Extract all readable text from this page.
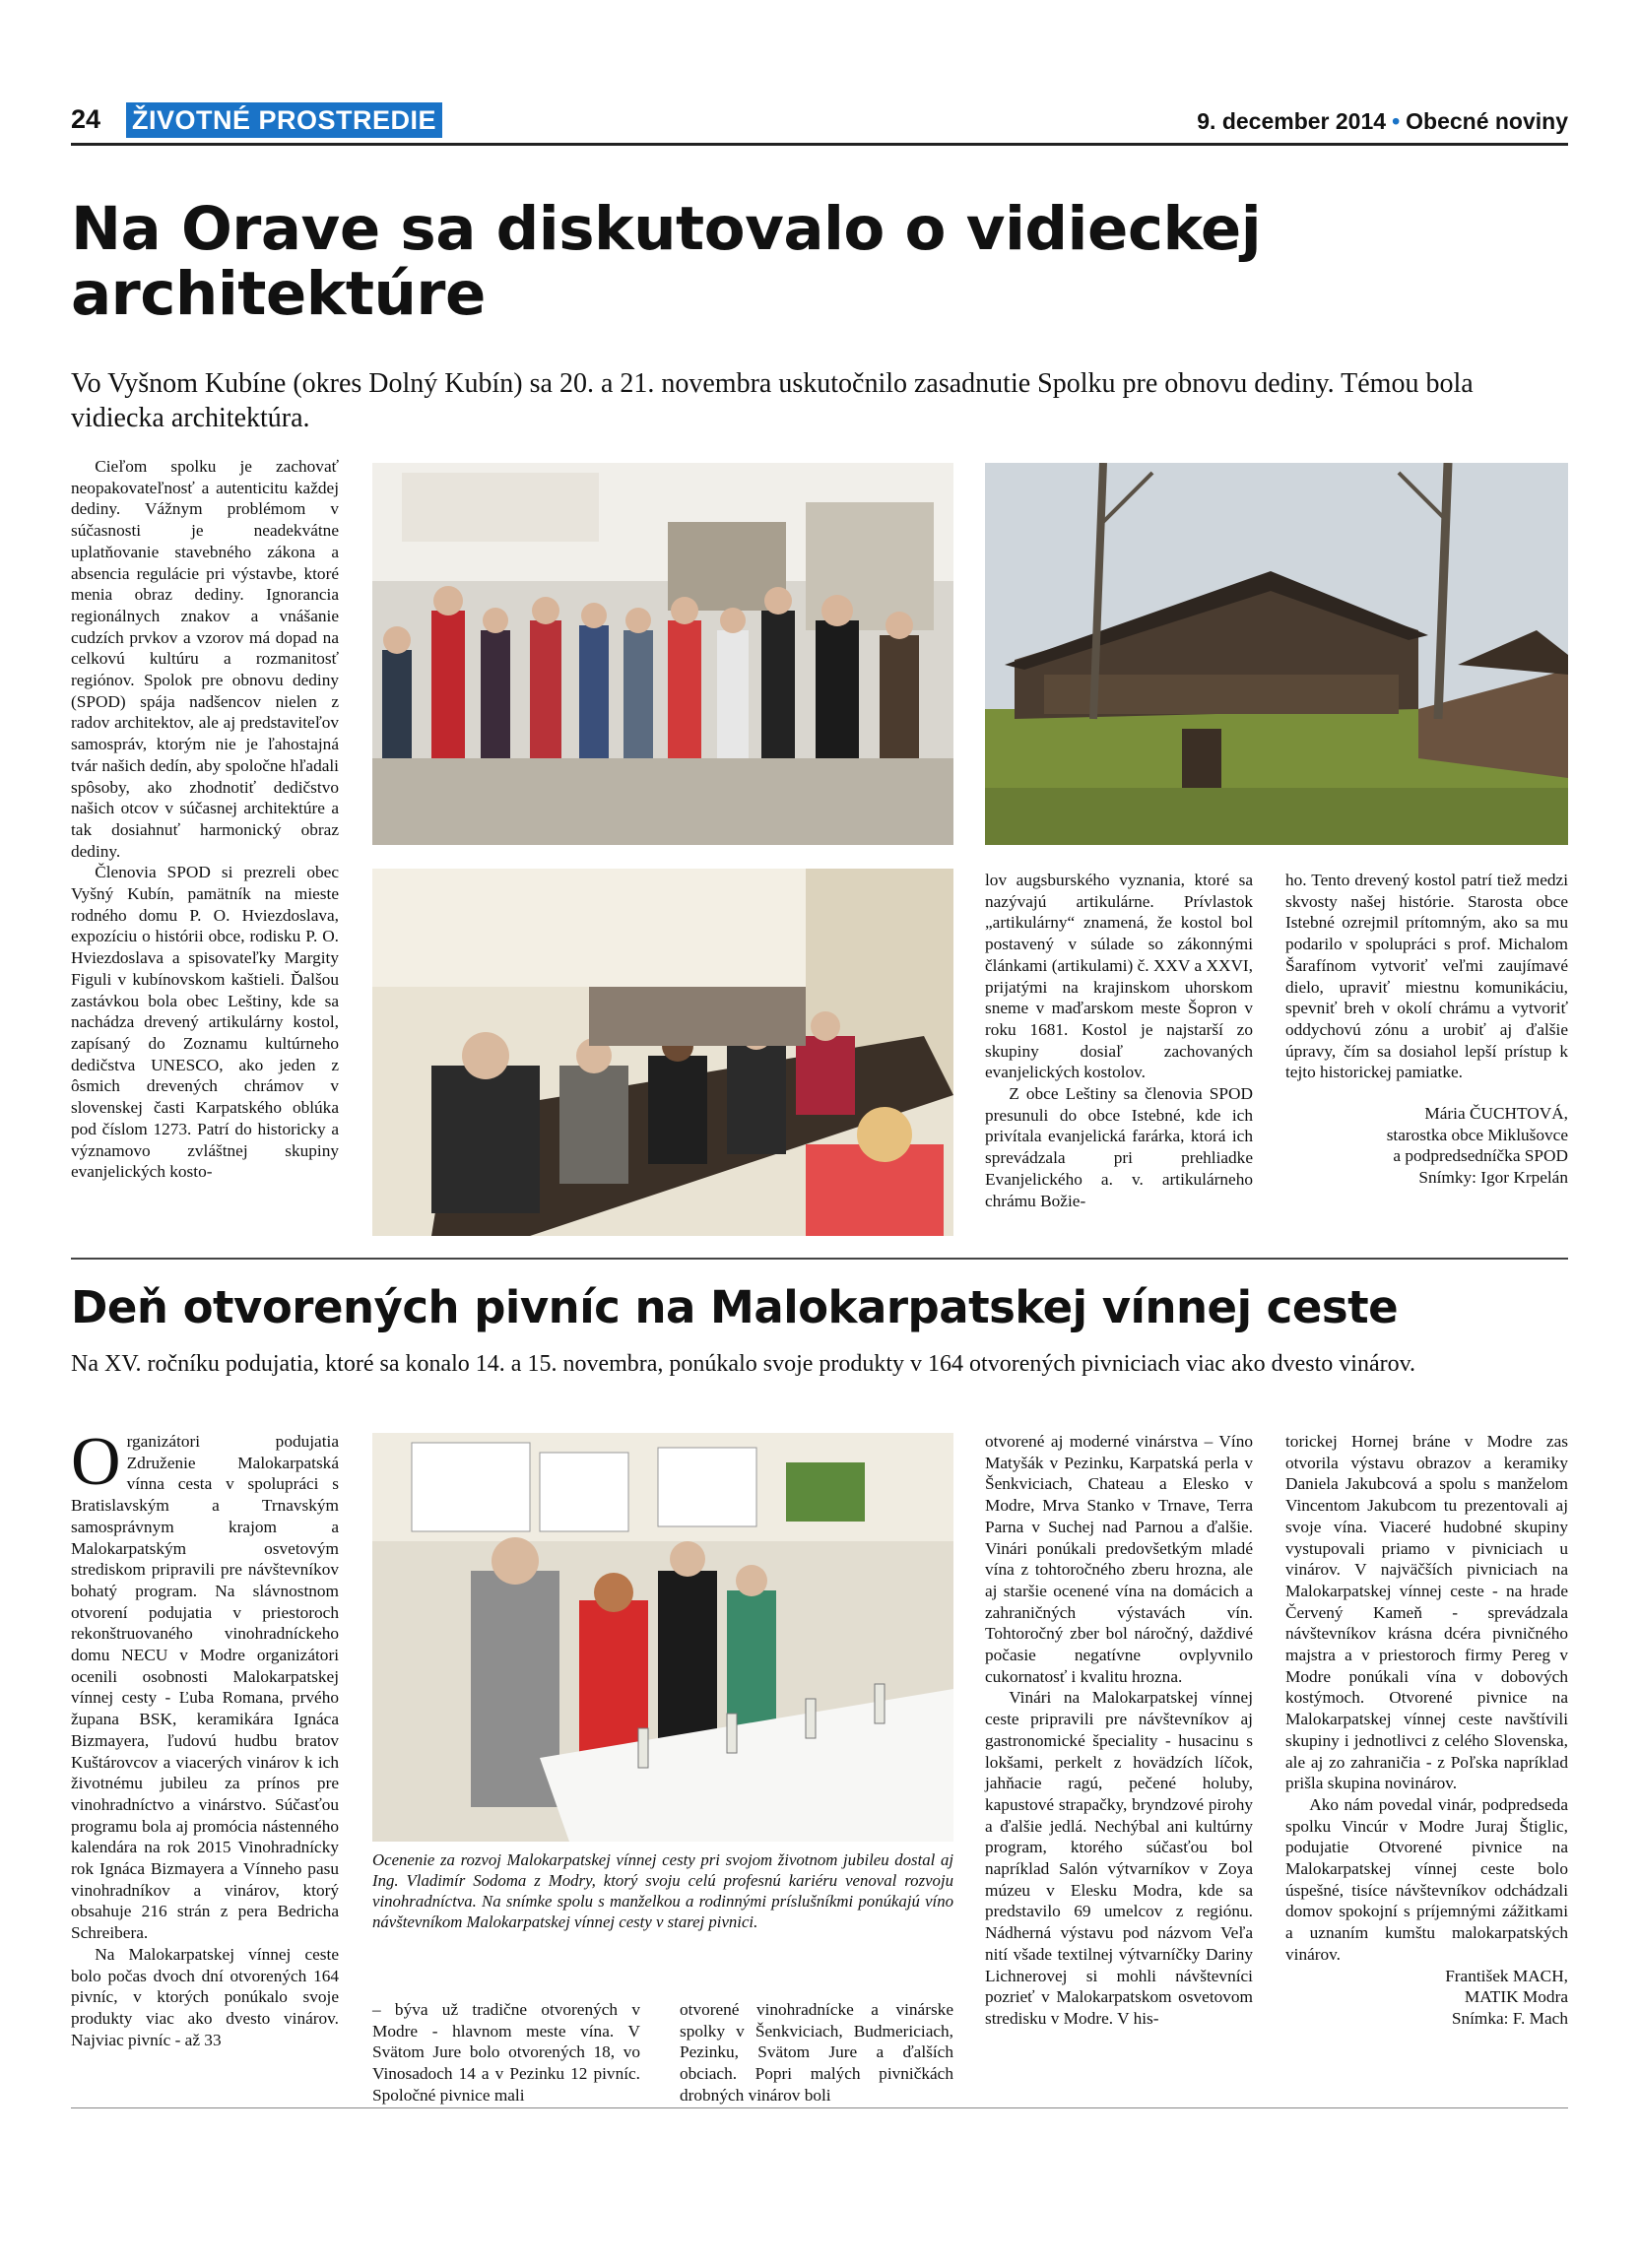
24 ŽIVOTNÉ PROSTREDIE	9. december 2014 • Obecné noviny
Na Orave sa diskutovalo o vidieckej architektúre
Vo Vyšnom Kubíne (okres Dolný Kubín) sa 20. a 21. novembra uskutočnilo zasadnutie Spolku pre obnovu dediny. Témou bola vidiecka architektúra.

Cieľom spolku je zachovať neopakovateľnosť a autenticitu každej dediny. Vážnym problémom v súčasnosti je neadekvátne uplatňovanie stavebného zákona a absencia regulácie pri výstavbe, ktoré menia obraz dediny. Ignorancia regionálnych znakov a vnášanie cudzích prvkov a vzorov má dopad na celkovú kultúru a rozmanitosť regiónov. Spolok pre obnovu dediny (SPOD) spája nadšencov nielen z radov architektov, ale aj predstaviteľov samospráv, ktorým nie je ľahostajná tvár našich dedín, aby spoločne hľadali spôsoby, ako zhodnotiť dedičstvo našich otcov v súčasnej architektúre a tak dosiahnuť harmonický obraz dediny.

Členovia SPOD si prezreli obec Vyšný Kubín, pamätník na mieste rodného domu P. O. Hviezdoslava, expozíciu o histórii obce, rodisku P. O. Hviezdoslava a spisovateľky Margity Figuli v kubínovskom kaštieli. Ďalšou zastávkou bola obec Leštiny, kde sa nachádza drevený artikulárny kostol, zapísaný do Zoznamu kultúrneho dedičstva UNESCO, ako jeden z ôsmich drevených chrámov v slovenskej časti Karpatského oblúka pod číslom 1273. Patrí do historicky a významovo zvláštnej skupiny evanjelických kosto-

lov augsburského vyznania, ktoré sa nazývajú artikulárne. Prívlastok „artikulárny“ znamená, že kostol bol postavený v súlade so zákonnými článkami (artikulami) č. XXV a XXVI, prijatými na krajinskom uhorskom sneme v maďarskom meste Šopron v roku 1681. Kostol je najstarší zo skupiny dosiaľ zachovaných evanjelických kostolov.

Z obce Leštiny sa členovia SPOD presunuli do obce Istebné, kde ich privítala evanjelická farárka, ktorá ich sprevádzala pri prehliadke Evanjelického a. v. artikulárneho chrámu Božie-

ho. Tento drevený kostol patrí tiež medzi skvosty našej histórie. Starosta obce Istebné ozrejmil prítomným, ako sa mu podarilo v spolupráci s prof. Michalom Šarafínom vytvoriť veľmi zaujímavé dielo, upraviť miestnu komunikáciu, spevniť breh v okolí chrámu a vytvoriť oddychovú zónu a urobiť aj ďalšie úpravy, čím sa dosiahol lepší prístup k tejto historickej pamiatke.

Mária ČUCHTOVÁ,
starostka obce Miklušovce
a podpredsedníčka SPOD
Snímky: Igor Krpelán
Deň otvorených pivníc na Malokarpatskej vínnej ceste
Na XV. ročníku podujatia, ktoré sa konalo 14. a 15. novembra, ponúkalo svoje produkty v 164 otvorených pivniciach viac ako dvesto vinárov.

Organizátori podujatia Združenie Malokarpatská vínna cesta v spolupráci s Bratislavským a Trnavským samosprávnym krajom a Malokarpatským osvetovým strediskom pripravili pre návštevníkov bohatý program. Na slávnostnom otvorení podujatia v priestoroch rekonštruovaného vinohradníckeho domu NECU v Modre organizátori ocenili osobnosti Malokarpatskej vínnej cesty - Ľuba Romana, prvého župana BSK, keramikára Ignáca Bizmayera, ľudovú hudbu bratov Kuštárovcov a viacerých vinárov k ich životnému jubileu za prínos pre vinohradníctvo a vinárstvo. Súčasťou programu bola aj promócia nástenného kalendára na rok 2015 Vinohradnícky rok Ignáca Bizmayera a Vínneho pasu vinohradníkov a vinárov, ktorý obsahuje 216 strán z pera Bedricha Schreibera.

Na Malokarpatskej vínnej ceste bolo počas dvoch dní otvorených 164 pivníc, v ktorých ponúkalo svoje produkty viac ako dvesto vinárov. Najviac pivníc - až 33

Ocenenie za rozvoj Malokarpatskej vínnej cesty pri svojom životnom jubileu dostal aj Ing. Vladimír Sodoma z Modry, ktorý svoju celú profesnú kariéru venoval rozvoju vinohradníctva. Na snímke spolu s manželkou a rodinnými príslušníkmi ponúkajú víno návštevníkom Malokarpatskej vínnej cesty v starej pivnici.

– býva už tradične otvorených v Modre - hlavnom meste vína. V Svätom Jure bolo otvorených 18, vo Vinosadoch 14 a v Pezinku 12 pivníc. Spoločné pivnice mali

otvorené vinohradnícke a vinárske spolky v Šenkviciach, Budmericiach, Pezinku, Svätom Jure a ďalších obciach. Popri malých pivničkách drobných vinárov boli

otvorené aj moderné vinárstva – Víno Matyšák v Pezinku, Karpatská perla v Šenkviciach, Chateau a Elesko v Modre, Mrva Stanko v Trnave, Terra Parna v Suchej nad Parnou a ďalšie. Vinári ponúkali predovšetkým mladé vína z tohtoročného zberu hrozna, ale aj staršie ocenené vína na domácich a zahraničných výstavách vín. Tohtoročný zber bol náročný, daždivé počasie negatívne ovplyvnilo cukornatosť i kvalitu hrozna.

Vinári na Malokarpatskej vínnej ceste pripravili pre návštevníkov aj gastronomické špeciality - husacinu s lokšami, perkelt z hovädzích líčok, jahňacie ragú, pečené holuby, kapustové strapačky, bryndzové pirohy a ďalšie jedlá. Nechýbal ani kultúrny program, ktorého súčasťou bol napríklad Salón výtvarníkov v Zoya múzeu v Elesku Modra, kde sa predstavilo 69 umelcov z regiónu. Nádherná výstavu pod názvom Veľa nití všade textilnej výtvarníčky Dariny Lichnerovej si mohli návštevníci pozrieť v Malokarpatskom osvetovom stredisku v Modre. V his-

torickej Hornej bráne v Modre zas otvorila výstavu obrazov a keramiky Daniela Jakubcová a spolu s manželom Vincentom Jakubcom tu prezentovali aj svoje vína. Viaceré hudobné skupiny vystupovali priamo v pivniciach u vinárov. V najväčších pivniciach na Malokarpatskej vínnej ceste - na hrade Červený Kameň - sprevádzala návštevníkov krásna dcéra pivničného majstra a v priestoroch firmy Pereg v Modre ponúkali vína v dobových kostýmoch. Otvorené pivnice na Malokarpatskej vínnej ceste navštívili skupiny i jednotlivci z celého Slovenska, ale aj zo zahraničia - z Poľska napríklad prišla skupina novinárov.

Ako nám povedal vinár, podpredseda spolku Vincúr v Modre Juraj Štiglic, podujatie Otvorené pivnice na Malokarpatskej vínnej ceste bolo úspešné, tisíce návštevníkov odchádzali domov spokojní s príjemnými zážitkami a uznaním kumštu malokarpatských vinárov.

František MACH,
MATIK Modra
Snímka: F. Mach
